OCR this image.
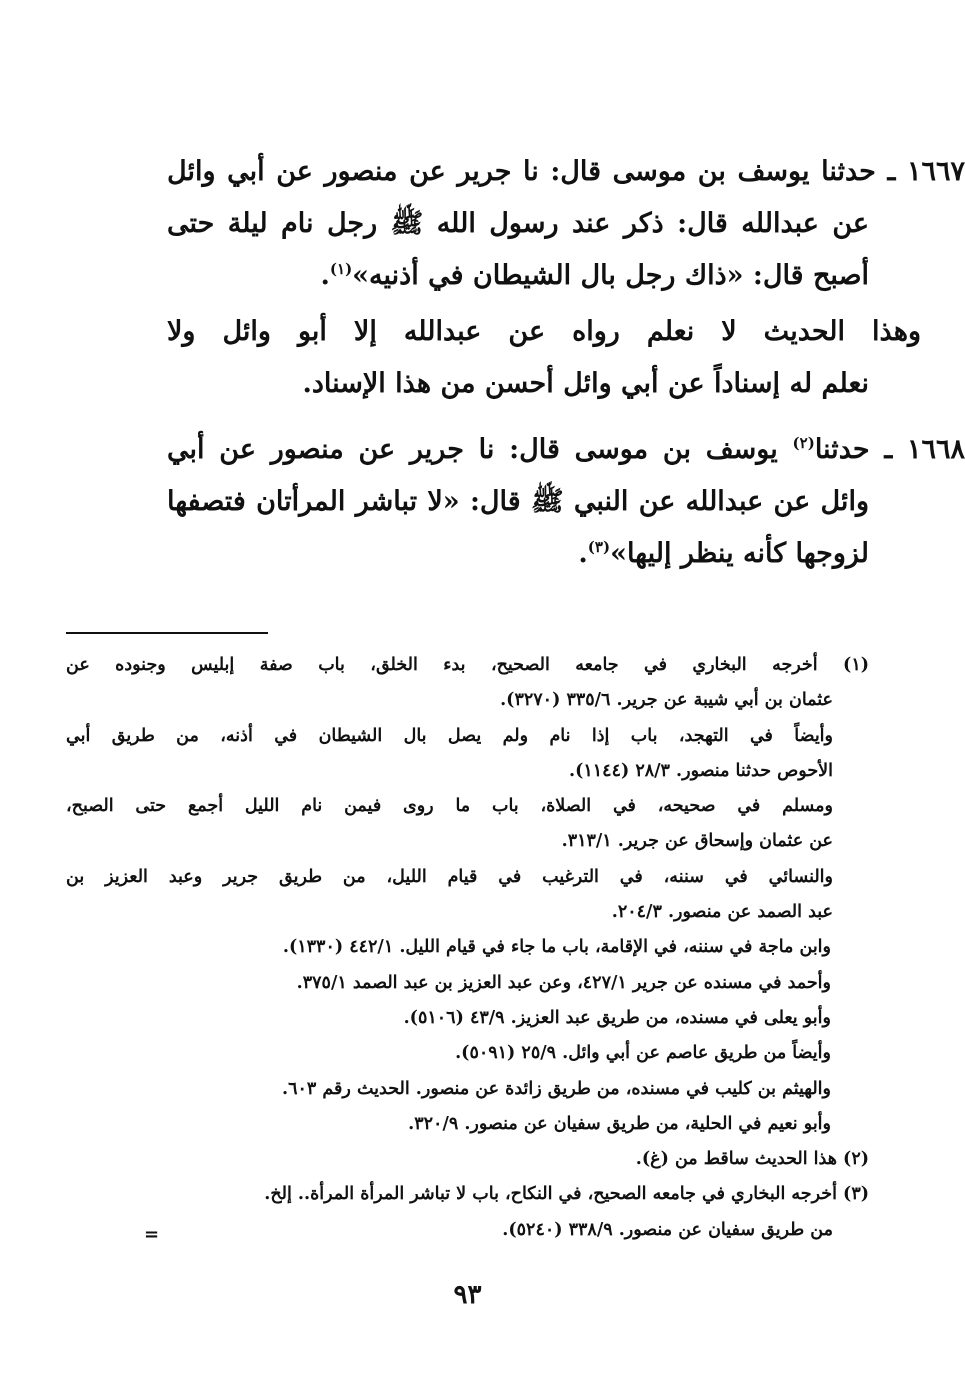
١٦٦٧ ـ حدثنا يوسف بن موسى قال: نا جرير عن منصور عن أبي وائل
عن عبدالله قال: ذكر عند رسول الله ﷺ رجل نام ليلة حتى
أصبح قال: «ذاك رجل بال الشيطان في أذنيه»$^{(١)}$.
وهذا الحديث لا نعلم رواه عن عبدالله إلا أبو وائل ولا
نعلم له إسناداً عن أبي وائل أحسن من هذا الإسناد.
١٦٦٨ ـ حدثنا$^{(٢)}$ يوسف بن موسى قال: نا جرير عن منصور عن أبي
وائل عن عبدالله عن النبي ﷺ قال: «لا تباشر المرأتان فتصفها
لزوجها كأنه ينظر إليها»$^{(٣)}$.
(١) أخرجه البخاري في جامعه الصحيح، بدء الخلق، باب صفة إبليس وجنوده عن
عثمان بن أبي شيبة عن جرير. ٣٣٥/٦ (٣٢٧٠).
وأيضاً في التهجد، باب إذا نام ولم يصل بال الشيطان في أذنه، من طريق أبي
الأحوص حدثنا منصور. ٢٨/٣ (١١٤٤).
ومسلم في صحيحه، في الصلاة، باب ما روى فيمن نام الليل أجمع حتى الصبح،
عن عثمان وإسحاق عن جرير. ٣١٣/١.
والنسائي في سننه، في الترغيب في قيام الليل، من طريق جرير وعبد العزيز بن
عبد الصمد عن منصور. ٢٠٤/٣.
وابن ماجة في سننه، في الإقامة، باب ما جاء في قيام الليل. ٤٤٢/١ (١٣٣٠).
وأحمد في مسنده عن جرير ٤٢٧/١، وعن عبد العزيز بن عبد الصمد ٣٧٥/١.
وأبو يعلى في مسنده، من طريق عبد العزيز. ٤٣/٩ (٥١٠٦).
وأيضاً من طريق عاصم عن أبي وائل. ٢٥/٩ (٥٠٩١).
والهيثم بن كليب في مسنده، من طريق زائدة عن منصور. الحديث رقم ٦٠٣.
وأبو نعيم في الحلية، من طريق سفيان عن منصور. ٣٢٠/٩.
(٢) هذا الحديث ساقط من (غ).
(٣) أخرجه البخاري في جامعه الصحيح، في النكاح، باب لا تباشر المرأة المرأة.. إلخ.
من طريق سفيان عن منصور. ٣٣٨/٩ (٥٢٤٠).
=
٩٣
